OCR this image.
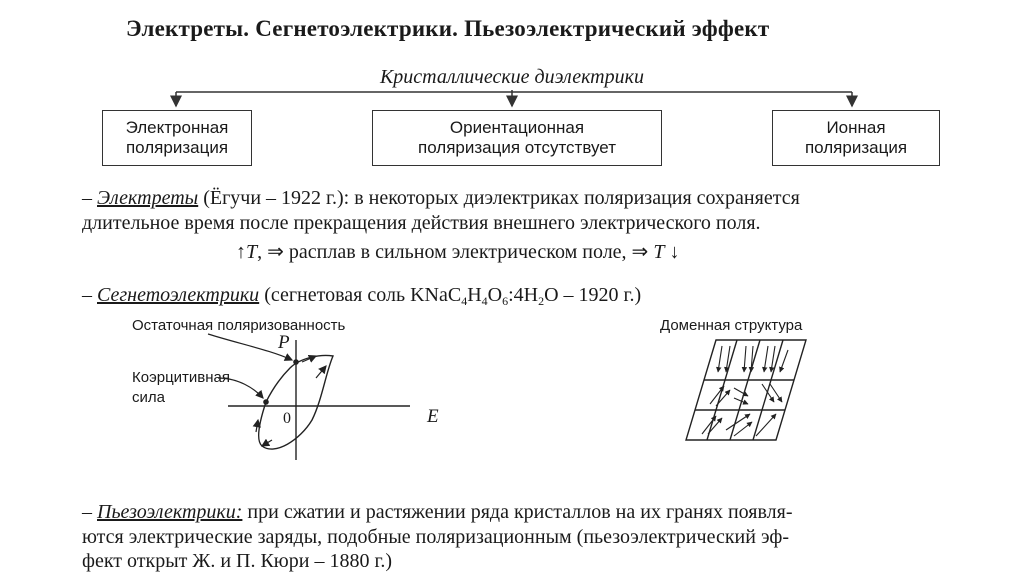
Электреты. Сегнетоэлектрики. Пьезоэлектрический эффект
Кристаллические диэлектрики
Электронная
поляризация
Ориентационная
поляризация отсутствует
Ионная
поляризация
– Электреты (Ёгучи – 1922 г.): в некоторых диэлектриках поляризация сохраняется
длительное время после прекращения действия внешнего электрического поля.
↑T, ⇒ расплав в сильном электрическом поле, ⇒ T ↓
– Сегнетоэлектрики (сегнетовая соль $KNaC_4H_4O_6:4H_2O - 1920$ г.)
Остаточная поляризованность
Коэрцитивная
сила
P
E
0
Доменная структура
– Пьезоэлектрики: при сжатии и растяжении ряда кристаллов на их гранях появля-
ются электрические заряды, подобные поляризационным (пьезоэлектрический эф-
фект открыт Ж. и П. Кюри – 1880 г.)
